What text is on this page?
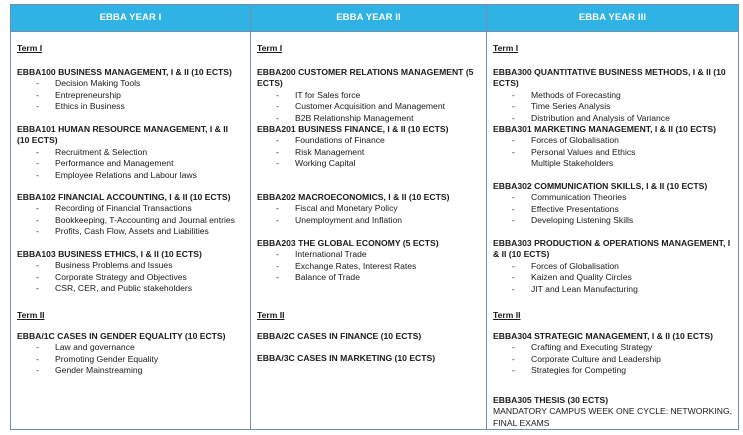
EBBA YEAR I
Term I
EBBA100 BUSINESS MANAGEMENT, I & II (10 ECTS)
- Decision Making Tools
- Entrepreneurship
- Ethics in Business
EBBA101 HUMAN RESOURCE MANAGEMENT, I & II (10 ECTS)
- Recruitment & Selection
- Performance and Management
- Employee Relations and Labour laws
EBBA102 FINANCIAL ACCOUNTING, I & II (10 ECTS)
- Recording of Financial Transactions
- Bookkeeping, T-Accounting and Journal entries
- Profits, Cash Flow, Assets and Liabilities
EBBA103 BUSINESS ETHICS, I & II (10 ECTS)
- Business Problems and Issues
- Corporate Strategy and Objectives
- CSR, CER, and Public stakeholders
Term II
EBBA/1C CASES IN GENDER EQUALITY (10 ECTS)
- Law and governance
- Promoting Gender Equality
- Gender Mainstreaming
EBBA YEAR II
Term I
EBBA200 CUSTOMER RELATIONS MANAGEMENT (5 ECTS)
- IT for Sales force
- Customer Acquisition and Management
- B2B Relationship Management
EBBA201 BUSINESS FINANCE, I & II (10 ECTS)
- Foundations of Finance
- Risk Management
- Working Capital
EBBA202 MACROECONOMICS, I & II (10 ECTS)
- Fiscal and Monetary Policy
- Unemployment and Inflation
EBBA203 THE GLOBAL ECONOMY (5 ECTS)
- International Trade
- Exchange Rates, Interest Rates
- Balance of Trade
Term II
EBBA/2C CASES IN FINANCE (10 ECTS)
EBBA/3C CASES IN MARKETING (10 ECTS)
EBBA YEAR III
Term I
EBBA300 QUANTITATIVE BUSINESS METHODS, I & II (10 ECTS)
- Methods of Forecasting
- Time Series Analysis
- Distribution and Analysis of Variance
EBBA301 MARKETING MANAGEMENT, I & II (10 ECTS)
- Forces of Globalisation
- Personal Values and Ethics
Multiple Stakeholders
EBBA302 COMMUNICATION SKILLS, I & II (10 ECTS)
- Communication Theories
- Effective Presentations
- Developing Listening Skills
EBBA303 PRODUCTION & OPERATIONS MANAGEMENT, I & II (10 ECTS)
- Forces of Globalisation
- Kaizen and Quality Circles
- JIT and Lean Manufacturing
Term II
EBBA304 STRATEGIC MANAGEMENT, I & II (10 ECTS)
- Crafting and Executing Strategy
- Corporate Culture and Leadership
- Strategies for Competing
EBBA305 THESIS (30 ECTS)
MANDATORY CAMPUS WEEK ONE CYCLE: NETWORKING, FINAL EXAMS
